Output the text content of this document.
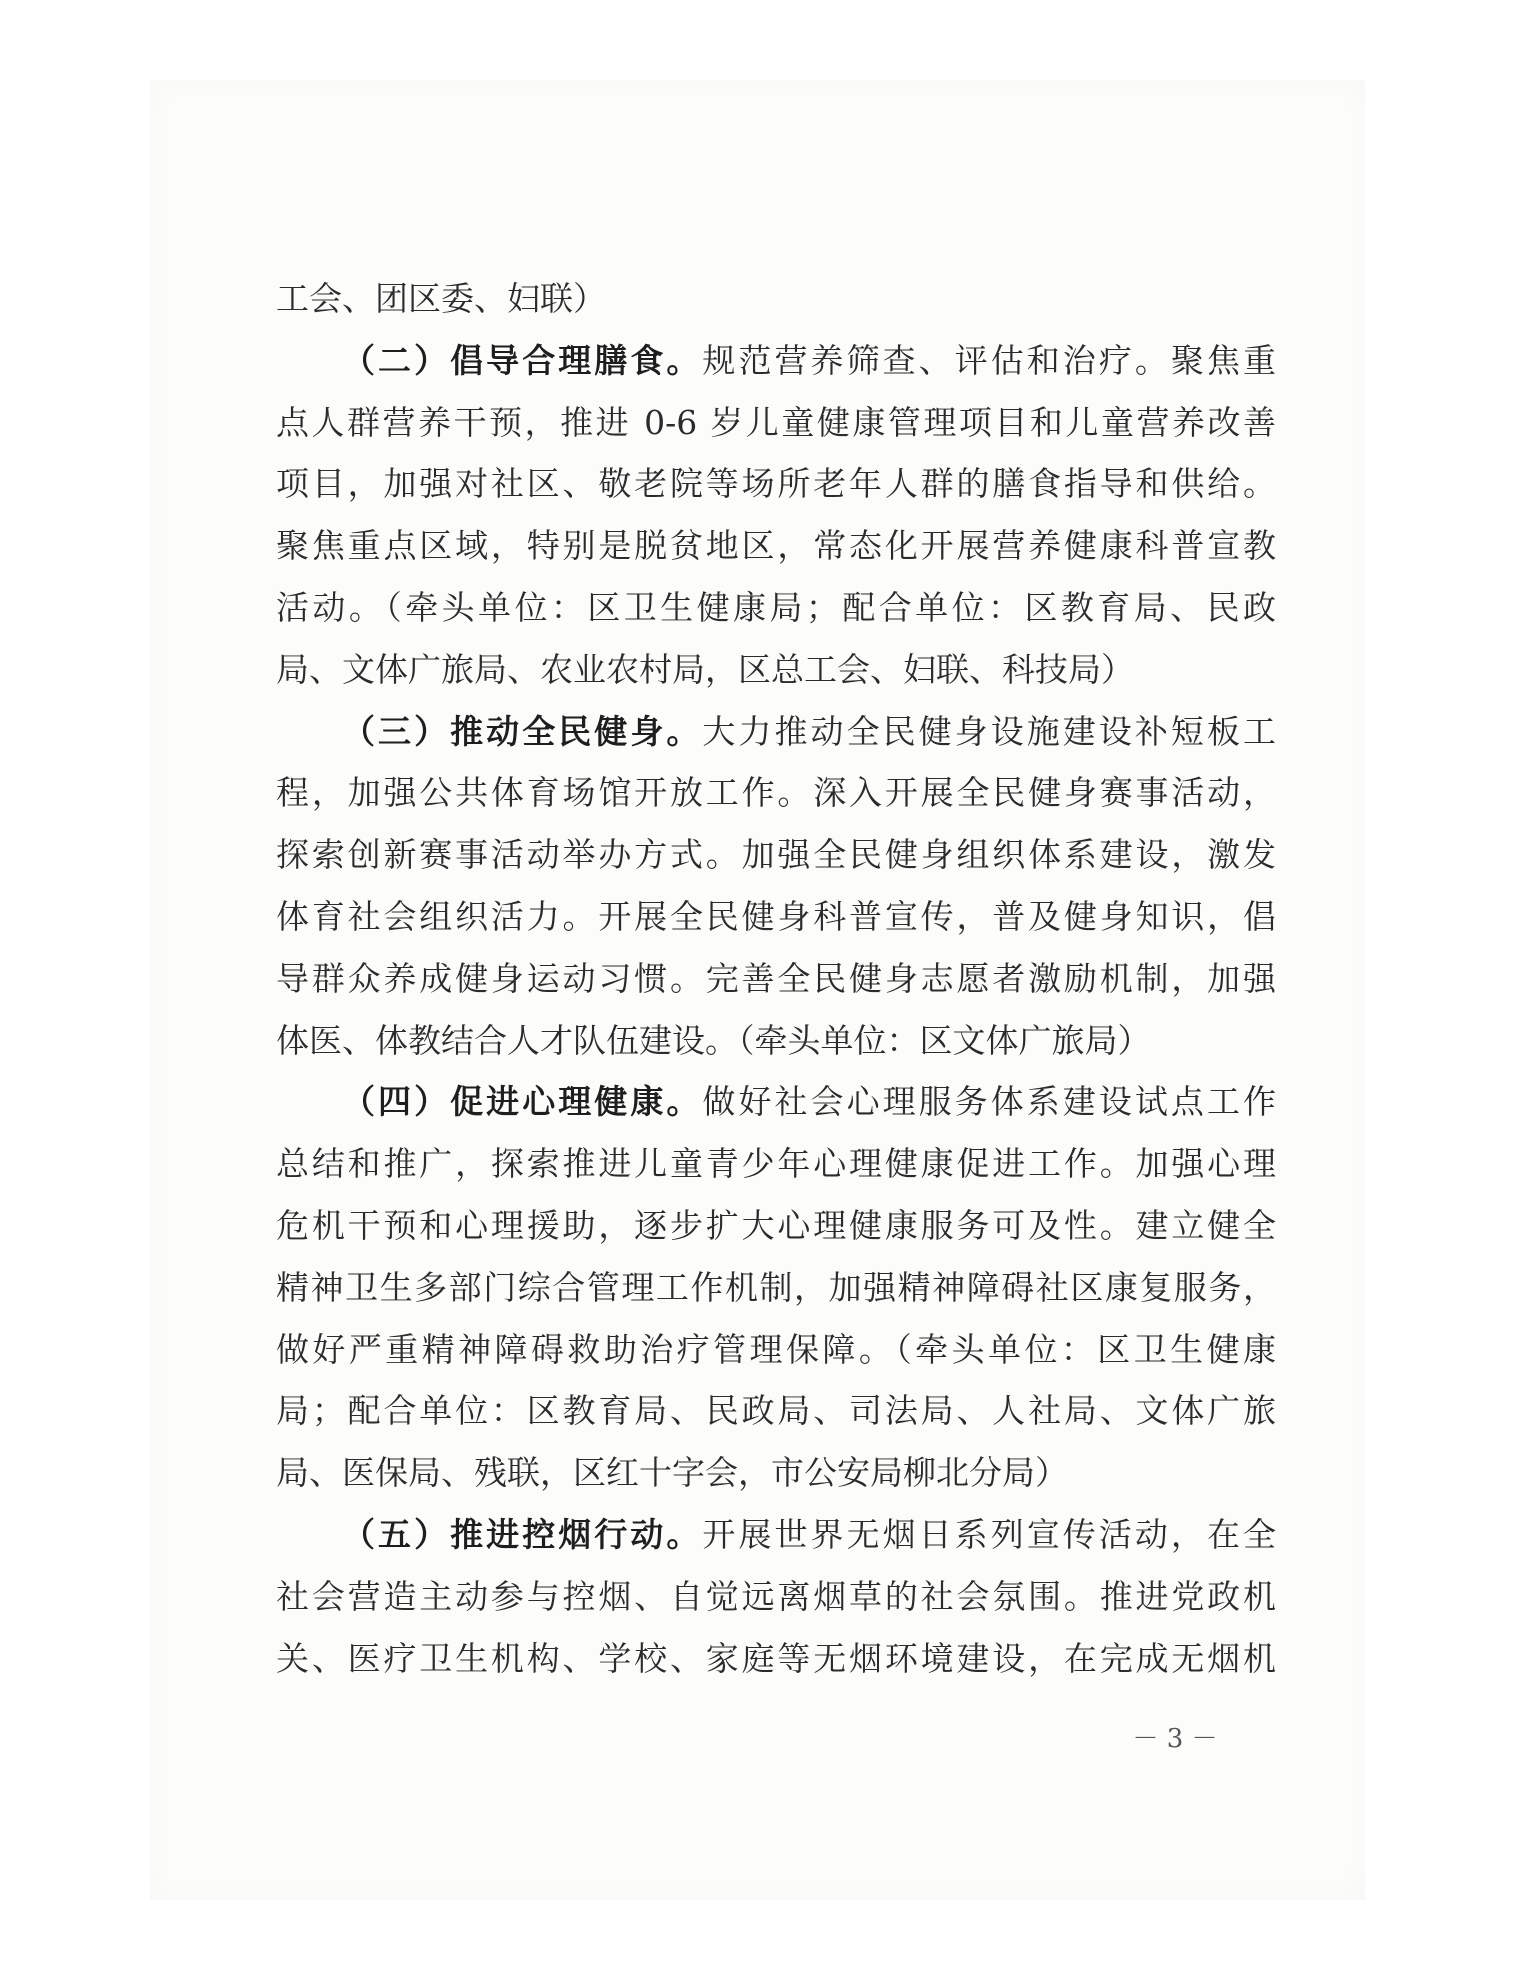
工会、团区委、妇联）
（二）倡导合理膳食。规范营养筛查、评估和治疗。聚焦重
点人群营养干预，推进 0-6 岁儿童健康管理项目和儿童营养改善
项目，加强对社区、敬老院等场所老年人群的膳食指导和供给。
聚焦重点区域，特别是脱贫地区，常态化开展营养健康科普宣教
活动。（牵头单位：区卫生健康局；配合单位：区教育局、民政
局、文体广旅局、农业农村局，区总工会、妇联、科技局）
（三）推动全民健身。大力推动全民健身设施建设补短板工
程，加强公共体育场馆开放工作。深入开展全民健身赛事活动，
探索创新赛事活动举办方式。加强全民健身组织体系建设，激发
体育社会组织活力。开展全民健身科普宣传，普及健身知识，倡
导群众养成健身运动习惯。完善全民健身志愿者激励机制，加强
体医、体教结合人才队伍建设。（牵头单位：区文体广旅局）
（四）促进心理健康。做好社会心理服务体系建设试点工作
总结和推广，探索推进儿童青少年心理健康促进工作。加强心理
危机干预和心理援助，逐步扩大心理健康服务可及性。建立健全
精神卫生多部门综合管理工作机制，加强精神障碍社区康复服务，
做好严重精神障碍救助治疗管理保障。（牵头单位：区卫生健康
局；配合单位：区教育局、民政局、司法局、人社局、文体广旅
局、医保局、残联，区红十字会，市公安局柳北分局）
（五）推进控烟行动。开展世界无烟日系列宣传活动，在全
社会营造主动参与控烟、自觉远离烟草的社会氛围。推进党政机
关、医疗卫生机构、学校、家庭等无烟环境建设，在完成无烟机
－ 3 －
